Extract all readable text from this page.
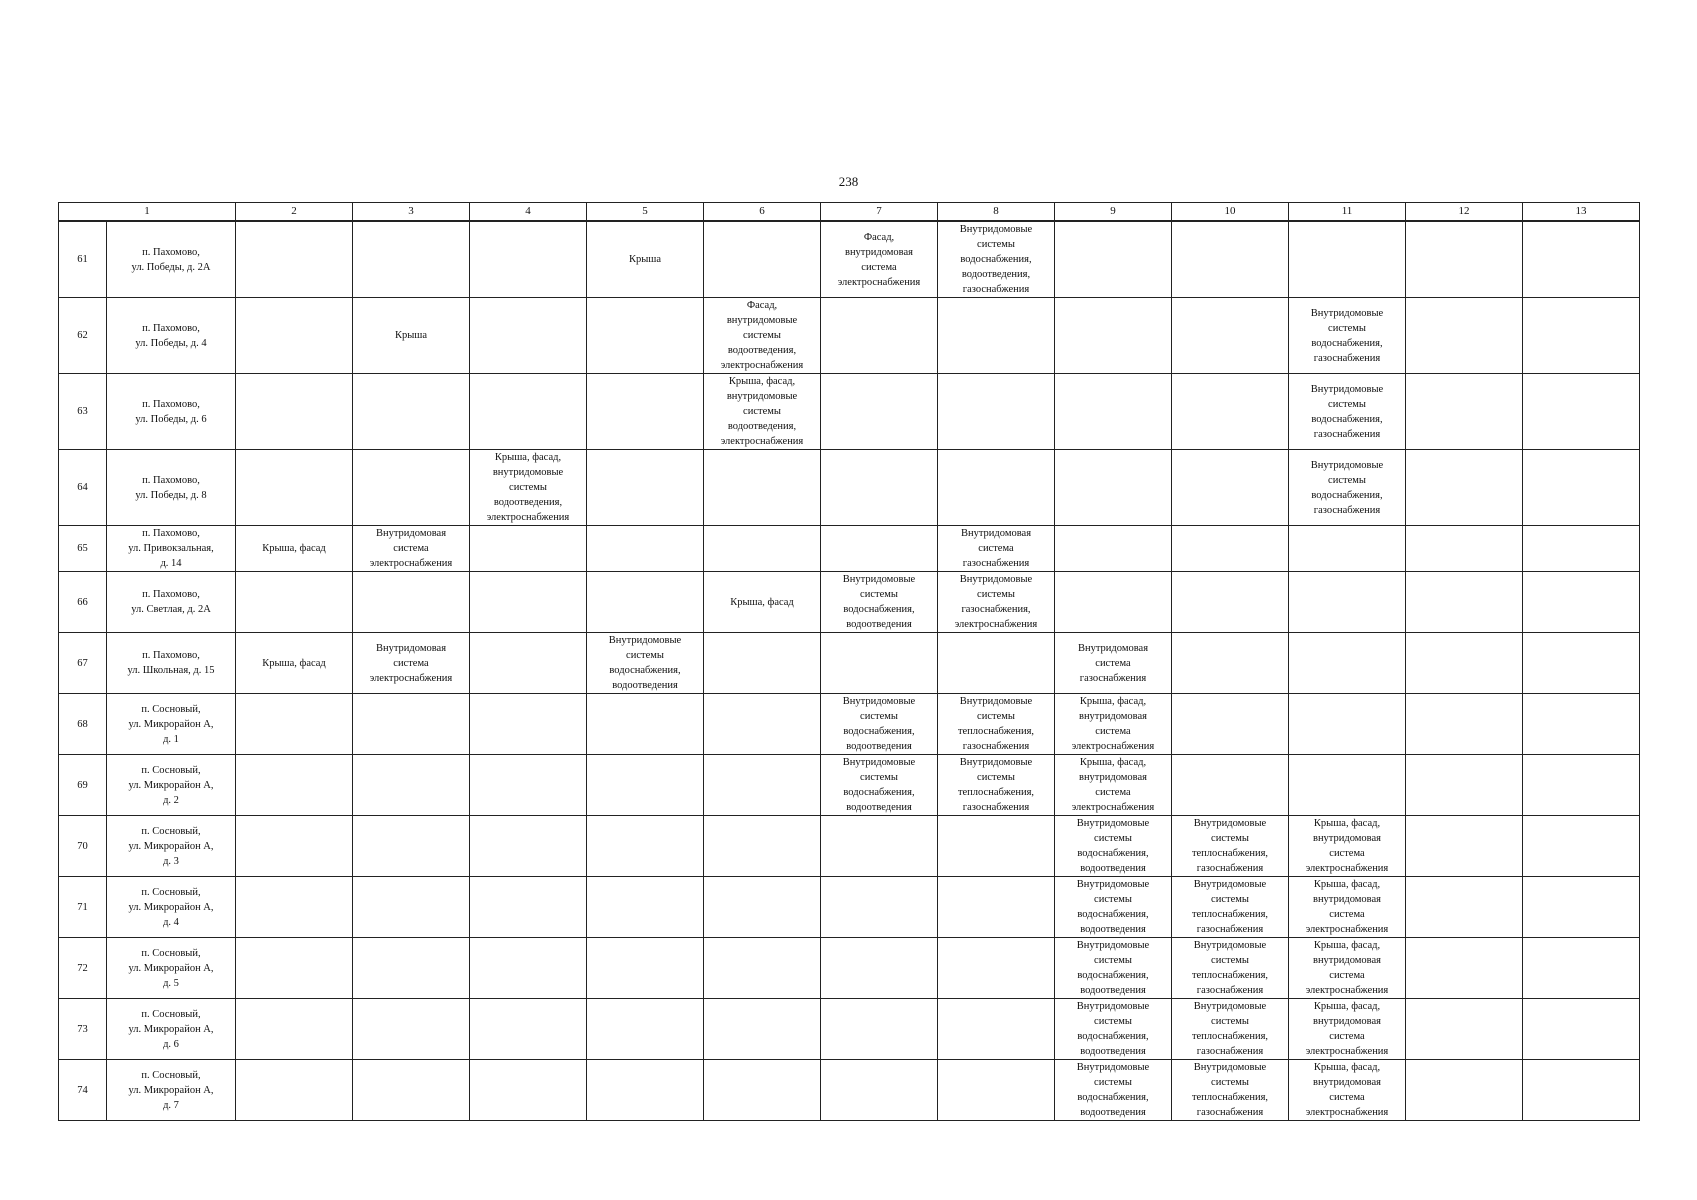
238
1		2	3	4	5	6	7	8	9	10	11	12	13
61	п. Пахомово,
ул. Победы, д. 2А				Крыша		Фасад,
внутридомовая
система
электроснабжения	Внутридомовые
системы
водоснабжения,
водоотведения,
газоснабжения					
62	п. Пахомово,
ул. Победы, д. 4		Крыша			Фасад,
внутридомовые
системы
водоотведения,
электроснабжения					Внутридомовые
системы
водоснабжения,
газоснабжения		
63	п. Пахомово,
ул. Победы, д. 6					Крыша, фасад,
внутридомовые
системы
водоотведения,
электроснабжения					Внутридомовые
системы
водоснабжения,
газоснабжения		
64	п. Пахомово,
ул. Победы, д. 8			Крыша, фасад,
внутридомовые
системы
водоотведения,
электроснабжения							Внутридомовые
системы
водоснабжения,
газоснабжения		
65	п. Пахомово,
ул. Привокзальная,
д. 14	Крыша, фасад	Внутридомовая
система
электроснабжения					Внутридомовая
система
газоснабжения					
66	п. Пахомово,
ул. Светлая, д. 2А					Крыша, фасад	Внутридомовые
системы
водоснабжения,
водоотведения	Внутридомовые
системы
газоснабжения,
электроснабжения					
67	п. Пахомово,
ул. Школьная, д. 15	Крыша, фасад	Внутридомовая
система
электроснабжения		Внутридомовые
системы
водоснабжения,
водоотведения				Внутридомовая
система
газоснабжения				
68	п. Сосновый,
ул. Микрорайон А,
д. 1						Внутридомовые
системы
водоснабжения,
водоотведения	Внутридомовые
системы
теплоснабжения,
газоснабжения	Крыша, фасад,
внутридомовая
система
электроснабжения				
69	п. Сосновый,
ул. Микрорайон А,
д. 2						Внутридомовые
системы
водоснабжения,
водоотведения	Внутридомовые
системы
теплоснабжения,
газоснабжения	Крыша, фасад,
внутридомовая
система
электроснабжения				
70	п. Сосновый,
ул. Микрорайон А,
д. 3								Внутридомовые
системы
водоснабжения,
водоотведения	Внутридомовые
системы
теплоснабжения,
газоснабжения	Крыша, фасад,
внутридомовая
система
электроснабжения		
71	п. Сосновый,
ул. Микрорайон А,
д. 4								Внутридомовые
системы
водоснабжения,
водоотведения	Внутридомовые
системы
теплоснабжения,
газоснабжения	Крыша, фасад,
внутридомовая
система
электроснабжения		
72	п. Сосновый,
ул. Микрорайон А,
д. 5								Внутридомовые
системы
водоснабжения,
водоотведения	Внутридомовые
системы
теплоснабжения,
газоснабжения	Крыша, фасад,
внутридомовая
система
электроснабжения		
73	п. Сосновый,
ул. Микрорайон А,
д. 6								Внутридомовые
системы
водоснабжения,
водоотведения	Внутридомовые
системы
теплоснабжения,
газоснабжения	Крыша, фасад,
внутридомовая
система
электроснабжения		
74	п. Сосновый,
ул. Микрорайон А,
д. 7								Внутридомовые
системы
водоснабжения,
водоотведения	Внутридомовые
системы
теплоснабжения,
газоснабжения	Крыша, фасад,
внутридомовая
система
электроснабжения		
